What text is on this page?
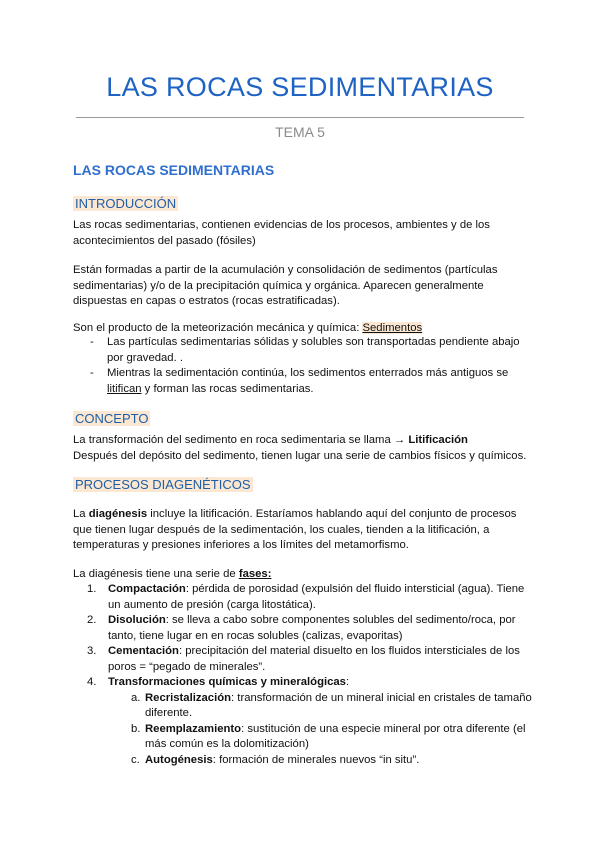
LAS ROCAS SEDIMENTARIAS
TEMA 5
LAS ROCAS SEDIMENTARIAS
INTRODUCCIÓN

Las rocas sedimentarias, contienen evidencias de los procesos, ambientes y de los acontecimientos del pasado (fósiles)

Están formadas a partir de la acumulación y consolidación de sedimentos (partículas sedimentarias) y/o de la precipitación química y orgánica. Aparecen generalmente dispuestas en capas o estratos (rocas estratificadas).

Son el producto de la meteorización mecánica y química: Sedimentos

- Las partículas sedimentarias sólidas y solubles son transportadas pendiente abajo por gravedad. .
- Mientras la sedimentación continúa, los sedimentos enterrados más antiguos se litifican y forman las rocas sedimentarias.
CONCEPTO

La transformación del sedimento en roca sedimentaria se llama → Litificación
Después del depósito del sedimento, tienen lugar una serie de cambios físicos y químicos.

PROCESOS DIAGENÉTICOS

La diagénesis incluye la litificación. Estaríamos hablando aquí del conjunto de procesos que tienen lugar después de la sedimentación, los cuales, tienden a la litificación, a temperaturas y presiones inferiores a los límites del metamorfismo.

La diagénesis tiene una serie de fases:

1. Compactación: pérdida de porosidad (expulsión del fluido intersticial (agua). Tiene un aumento de presión (carga litostática).
2. Disolución: se lleva a cabo sobre componentes solubles del sedimento/roca, por tanto, tiene lugar en en rocas solubles (calizas, evaporitas)
3. Cementación: precipitación del material disuelto en los fluidos intersticiales de los poros = “pegado de minerales”.
4. Transformaciones químicas y mineralógicas:
a. Recristalización: transformación de un mineral inicial en cristales de tamaño diferente.
b. Reemplazamiento: sustitución de una especie mineral por otra diferente (el más común es la dolomitización)
c. Autogénesis: formación de minerales nuevos “in situ”.
